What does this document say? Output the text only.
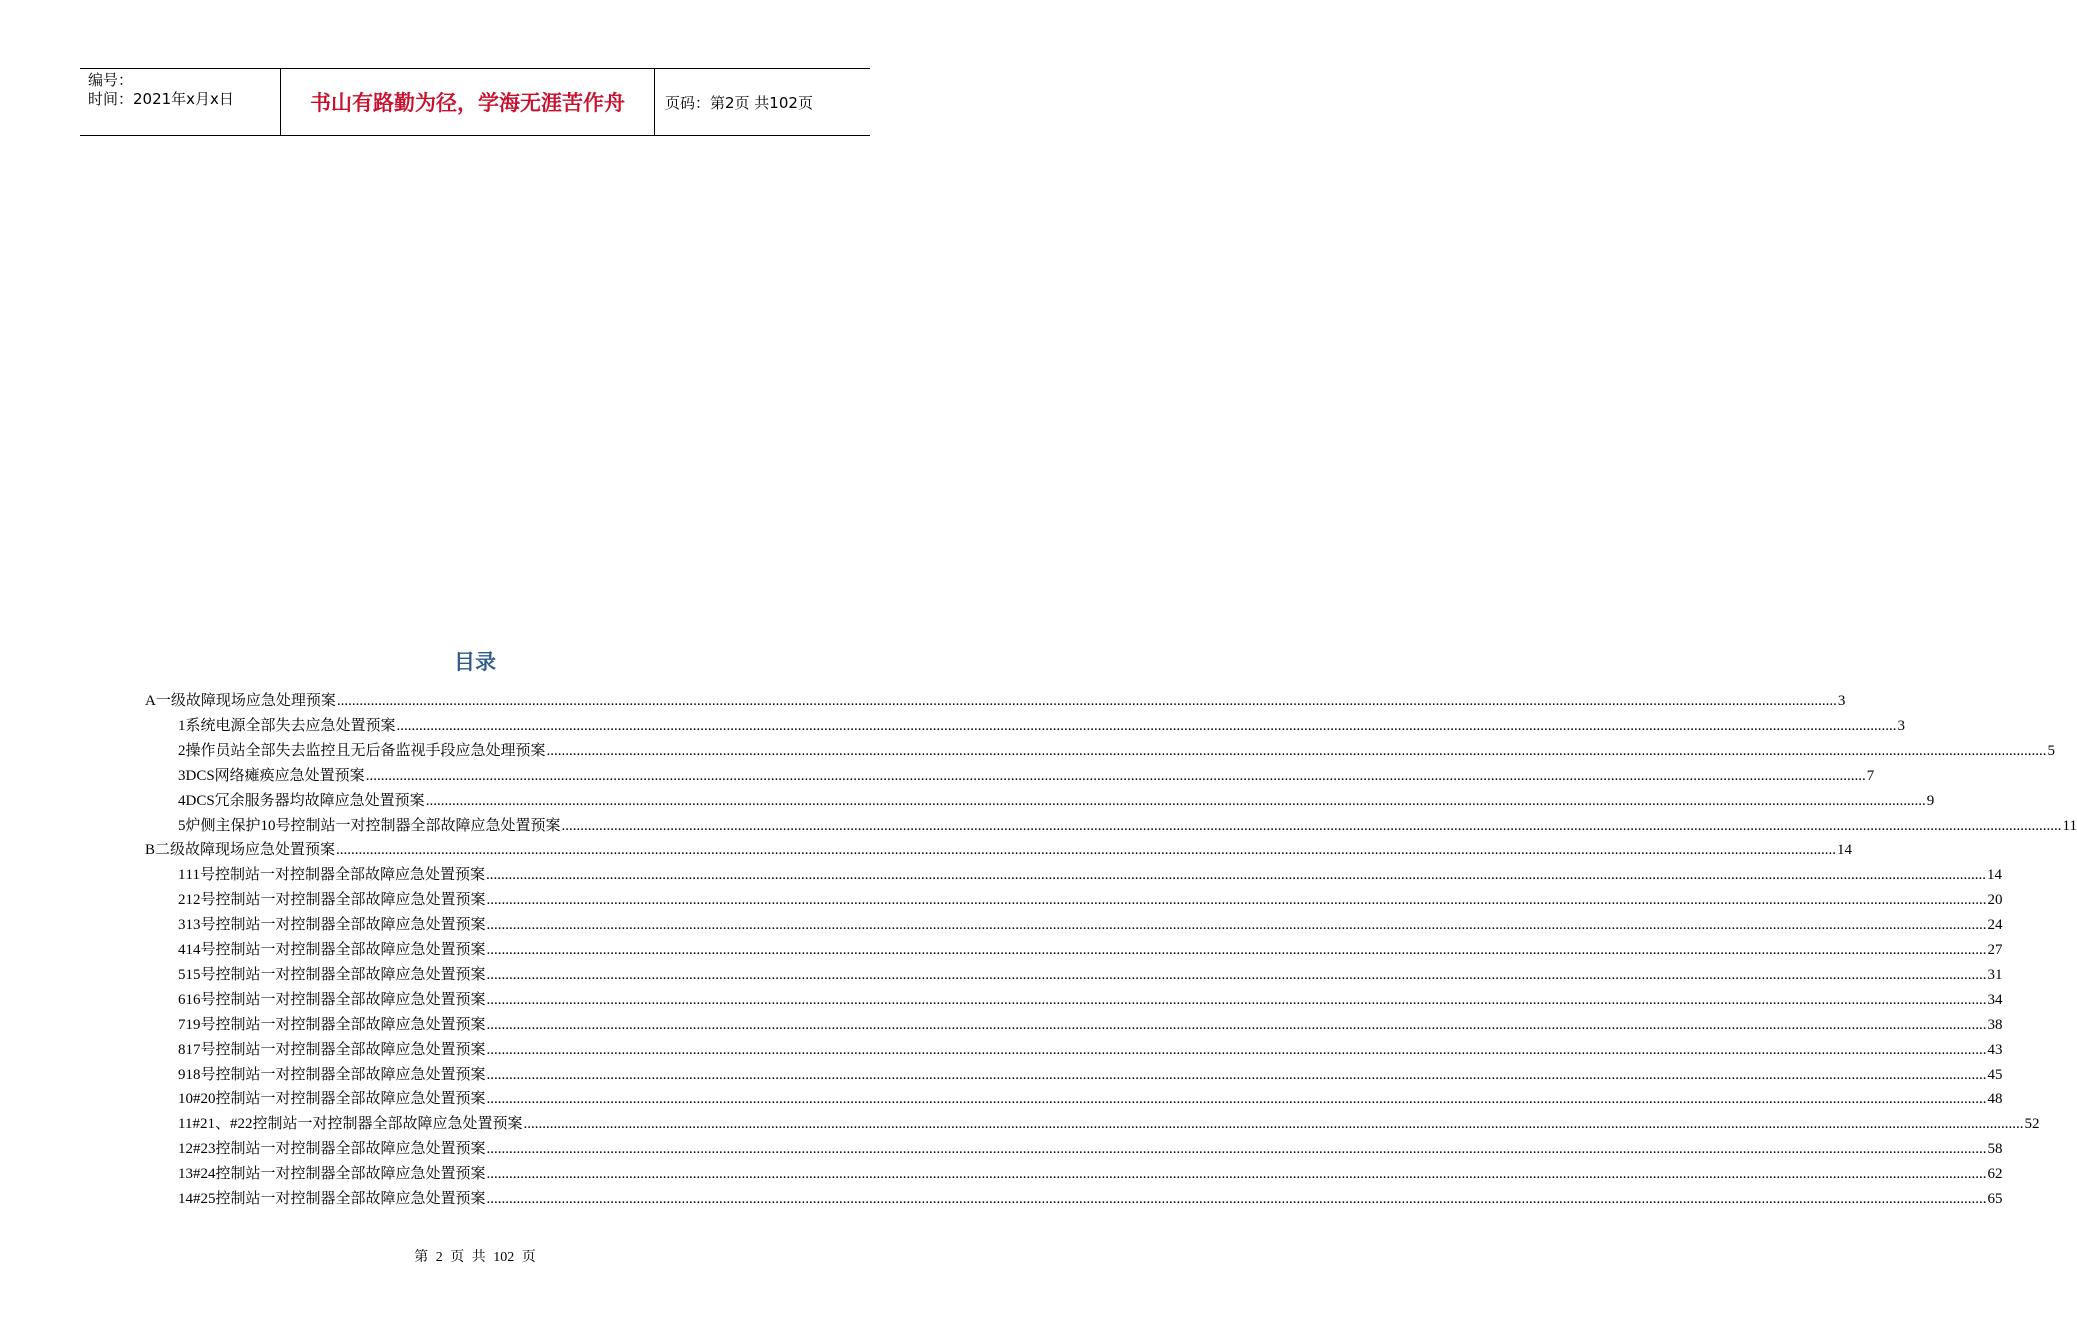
编号：
时间：2021年x月x日	书山有路勤为径，学海无涯苦作舟	页码：第2页 共102页
目录
A一级故障现场应急处理预案 ................................................................................................................................................................................................................................................................................................................................................................................................................ 3
1 系统电源全部失去应急处置预案 ................................................................................................................................................................................................................................................................................................................................................................................................................ 3
2 操作员站全部失去监控且无后备监视手段应急处理预案 ................................................................................................................................................................................................................................................................................................................................................................................................................ 5
3 DCS网络瘫痪应急处置预案 ................................................................................................................................................................................................................................................................................................................................................................................................................ 7
4 DCS冗余服务器均故障应急处置预案 ................................................................................................................................................................................................................................................................................................................................................................................................................ 9
5 炉侧主保护10号控制站一对控制器全部故障应急处置预案 ................................................................................................................................................................................................................................................................................................................................................................................................................ 11
B二级故障现场应急处置预案 ................................................................................................................................................................................................................................................................................................................................................................................................................ 14
1 11号控制站一对控制器全部故障应急处置预案 ................................................................................................................................................................................................................................................................................................................................................................................................................ 14
2 12号控制站一对控制器全部故障应急处置预案 ................................................................................................................................................................................................................................................................................................................................................................................................................ 20
3 13号控制站一对控制器全部故障应急处置预案 ................................................................................................................................................................................................................................................................................................................................................................................................................ 24
4 14号控制站一对控制器全部故障应急处置预案 ................................................................................................................................................................................................................................................................................................................................................................................................................ 27
5 15号控制站一对控制器全部故障应急处置预案 ................................................................................................................................................................................................................................................................................................................................................................................................................ 31
6 16号控制站一对控制器全部故障应急处置预案 ................................................................................................................................................................................................................................................................................................................................................................................................................ 34
7 19号控制站一对控制器全部故障应急处置预案 ................................................................................................................................................................................................................................................................................................................................................................................................................ 38
8 17号控制站一对控制器全部故障应急处置预案 ................................................................................................................................................................................................................................................................................................................................................................................................................ 43
9 18号控制站一对控制器全部故障应急处置预案 ................................................................................................................................................................................................................................................................................................................................................................................................................ 45
10 #20控制站一对控制器全部故障应急处置预案 ................................................................................................................................................................................................................................................................................................................................................................................................................ 48
11 #21、#22控制站一对控制器全部故障应急处置预案 ................................................................................................................................................................................................................................................................................................................................................................................................................ 52
12 #23控制站一对控制器全部故障应急处置预案 ................................................................................................................................................................................................................................................................................................................................................................................................................ 58
13 #24控制站一对控制器全部故障应急处置预案 ................................................................................................................................................................................................................................................................................................................................................................................................................ 62
14 #25控制站一对控制器全部故障应急处置预案 ................................................................................................................................................................................................................................................................................................................................................................................................................ 65
第 2 页 共 102 页
